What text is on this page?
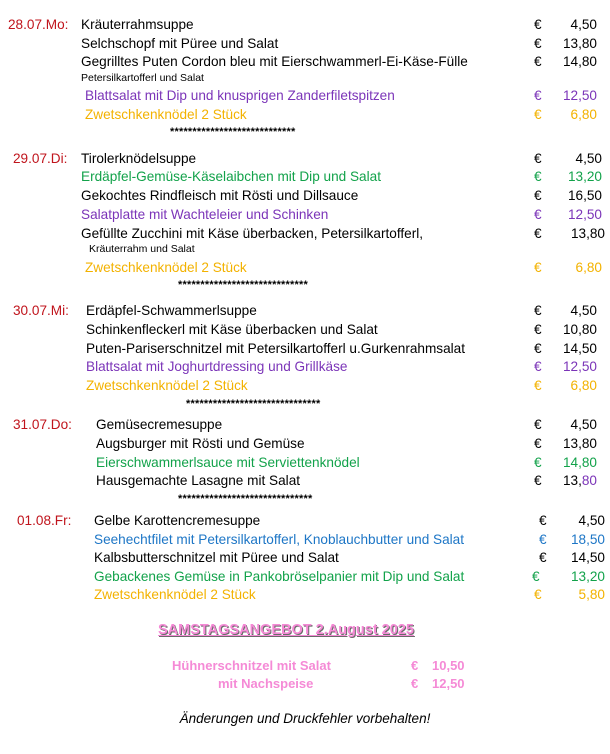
28.07.Mo: Kräuterrahmsuppe	€	4,50
Selchschopf mit Püree und Salat	€	13,80
Gegrilltes Puten Cordon bleu mit Eierschwammerl-Ei-Käse-Fülle	€	14,80
Petersilkartofferl und Salat
Blattsalat mit Dip und knusprigen Zanderfiletspitzen	€	12,50
Zwetschkenknödel 2 Stück	€	6,80
****************************
29.07.Di: Tirolerknödelsuppe	€	4,50
Erdäpfel-Gemüse-Käselaibchen mit Dip und Salat	€	13,20
Gekochtes Rindfleisch mit Rösti und Dillsauce	€	16,50
Salatplatte mit Wachteleier und Schinken	€	12,50
Gefüllte Zucchini mit Käse überbacken, Petersilkartofferl,	€	13,80
Kräuterrahm und Salat
Zwetschkenknödel 2 Stück	€	6,80
*****************************
30.07.Mi: Erdäpfel-Schwammerlsuppe	€	4,50
Schinkenfleckerl mit Käse überbacken und Salat	€	10,80
Puten-Pariserschnitzel mit Petersilkartofferl u.Gurkenrahmsalat	€	14,50
Blattsalat mit Joghurtdressing und Grillkäse	€	12,50
Zwetschkenknödel 2 Stück	€	6,80
******************************
31.07.Do: Gemüsecremesuppe	€	4,50
Augsburger mit Rösti und Gemüse	€	13,80
Eierschwammerlsauce mit Serviettenknödel	€	14,80
Hausgemachte Lasagne mit Salat	€	13,80
******************************
01.08.Fr: Gelbe Karottencremesuppe	€	4,50
Seehechtfilet mit Petersilkartofferl, Knoblauchbutter und Salat	€	18,50
Kalbsbutterschnitzel mit Püree und Salat	€	14,50
Gebackenes Gemüse in Pankobröselpanier mit Dip und Salat	€	13,20
Zwetschkenknödel 2 Stück	€	5,80
SAMSTAGSANGEBOT 2.August 2025
Hühnerschnitzel mit Salat	€ 10,50
mit Nachspeise	€ 12,50
Änderungen und Druckfehler vorbehalten!
